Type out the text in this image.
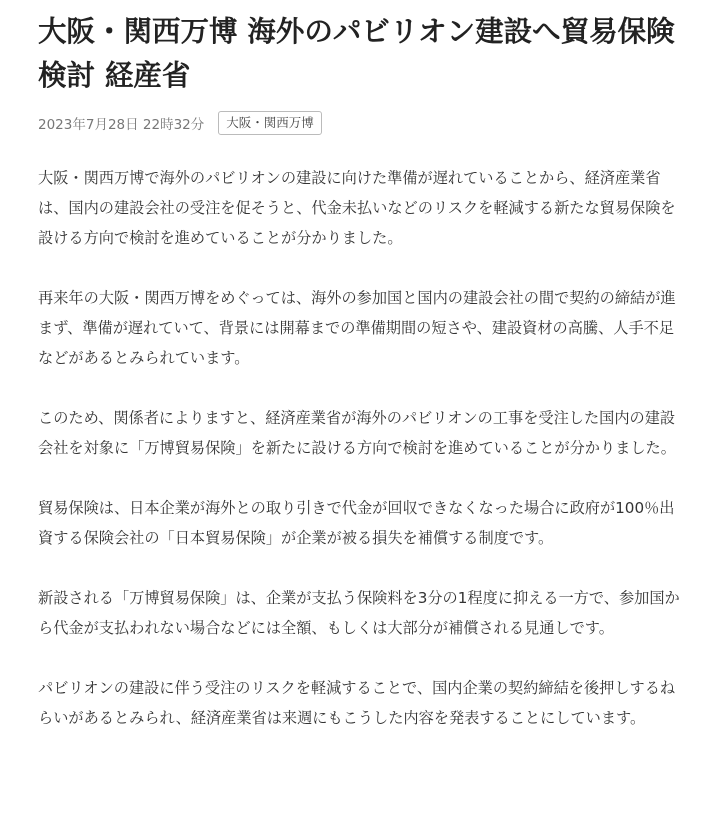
大阪・関西万博 海外のパビリオン建設へ貿易保険検討 経産省
2023年7月28日 22時32分	大阪・関西万博

大阪・関西万博で海外のパビリオンの建設に向けた準備が遅れていることから、経済産業省は、国内の建設会社の受注を促そうと、代金未払いなどのリスクを軽減する新たな貿易保険を設ける方向で検討を進めていることが分かりました。

再来年の大阪・関西万博をめぐっては、海外の参加国と国内の建設会社の間で契約の締結が進まず、準備が遅れていて、背景には開幕までの準備期間の短さや、建設資材の高騰、人手不足などがあるとみられています。

このため、関係者によりますと、経済産業省が海外のパビリオンの工事を受注した国内の建設会社を対象に「万博貿易保険」を新たに設ける方向で検討を進めていることが分かりました。

貿易保険は、日本企業が海外との取り引きで代金が回収できなくなった場合に政府が100％出資する保険会社の「日本貿易保険」が企業が被る損失を補償する制度です。

新設される「万博貿易保険」は、企業が支払う保険料を3分の1程度に抑える一方で、参加国から代金が支払われない場合などには全額、もしくは大部分が補償される見通しです。

パビリオンの建設に伴う受注のリスクを軽減することで、国内企業の契約締結を後押しするねらいがあるとみられ、経済産業省は来週にもこうした内容を発表することにしています。
